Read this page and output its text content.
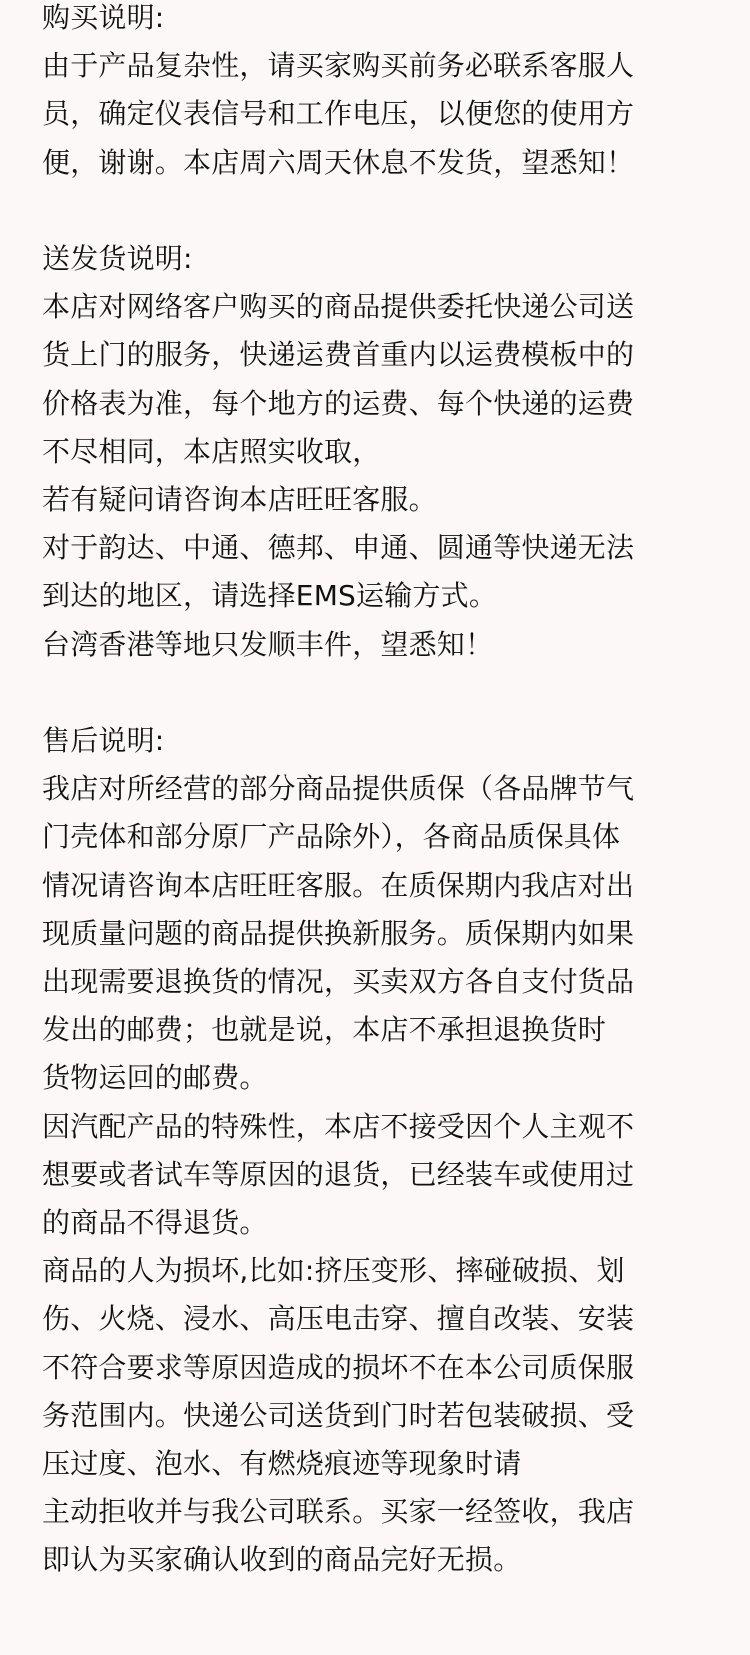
购买说明:
由于产品复杂性，请买家购买前务必联系客服人
员，确定仪表信号和工作电压，以便您的使用方
便，谢谢。本店周六周天休息不发货，望悉知！
送发货说明:
本店对网络客户购买的商品提供委托快递公司送
货上门的服务，快递运费首重内以运费模板中的
价格表为准，每个地方的运费、每个快递的运费
不尽相同，本店照实收取，
若有疑问请咨询本店旺旺客服。
对于韵达、中通、德邦、申通、圆通等快递无法
到达的地区，请选择EMS运输方式。
台湾香港等地只发顺丰件，望悉知！
售后说明:
我店对所经营的部分商品提供质保（各品牌节气
门壳体和部分原厂产品除外），各商品质保具体
情况请咨询本店旺旺客服。在质保期内我店对出
现质量问题的商品提供换新服务。质保期内如果
出现需要退换货的情况，买卖双方各自支付货品
发出的邮费；也就是说，本店不承担退换货时
货物运回的邮费。
因汽配产品的特殊性，本店不接受因个人主观不
想要或者试车等原因的退货，已经装车或使用过
的商品不得退货。
商品的人为损坏,比如:挤压变形、摔碰破损、划
伤、火烧、浸水、高压电击穿、擅自改装、安装
不符合要求等原因造成的损坏不在本公司质保服
务范围内。快递公司送货到门时若包装破损、受
压过度、泡水、有燃烧痕迹等现象时请
主动拒收并与我公司联系。买家一经签收，我店
即认为买家确认收到的商品完好无损。
